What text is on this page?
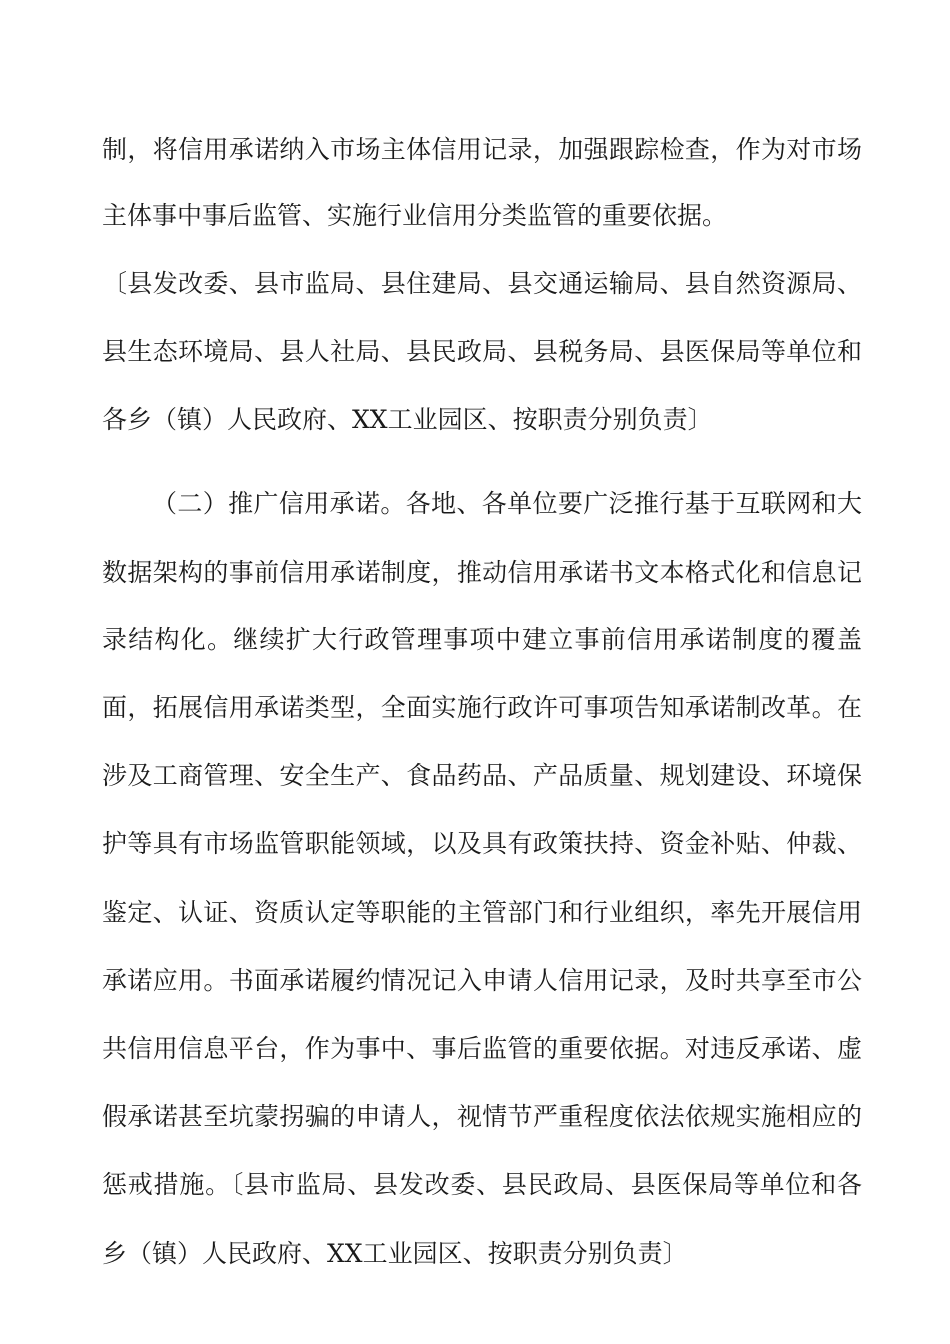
制，将信用承诺纳入市场主体信用记录，加强跟踪检查，作为对市场
主体事中事后监管、实施行业信用分类监管的重要依据。
〔县发改委、县市监局、县住建局、县交通运输局、县自然资源局、
县生态环境局、县人社局、县民政局、县税务局、县医保局等单位和
各乡（镇）人民政府、XX工业园区、按职责分别负责〕
（二）推广信用承诺。各地、各单位要广泛推行基于互联网和大
数据架构的事前信用承诺制度，推动信用承诺书文本格式化和信息记
录结构化。继续扩大行政管理事项中建立事前信用承诺制度的覆盖
面，拓展信用承诺类型，全面实施行政许可事项告知承诺制改革。在
涉及工商管理、安全生产、食品药品、产品质量、规划建设、环境保
护等具有市场监管职能领域，以及具有政策扶持、资金补贴、仲裁、
鉴定、认证、资质认定等职能的主管部门和行业组织，率先开展信用
承诺应用。书面承诺履约情况记入申请人信用记录，及时共享至市公
共信用信息平台，作为事中、事后监管的重要依据。对违反承诺、虚
假承诺甚至坑蒙拐骗的申请人，视情节严重程度依法依规实施相应的
惩戒措施。〔县市监局、县发改委、县民政局、县医保局等单位和各
乡（镇）人民政府、XX工业园区、按职责分别负责〕
